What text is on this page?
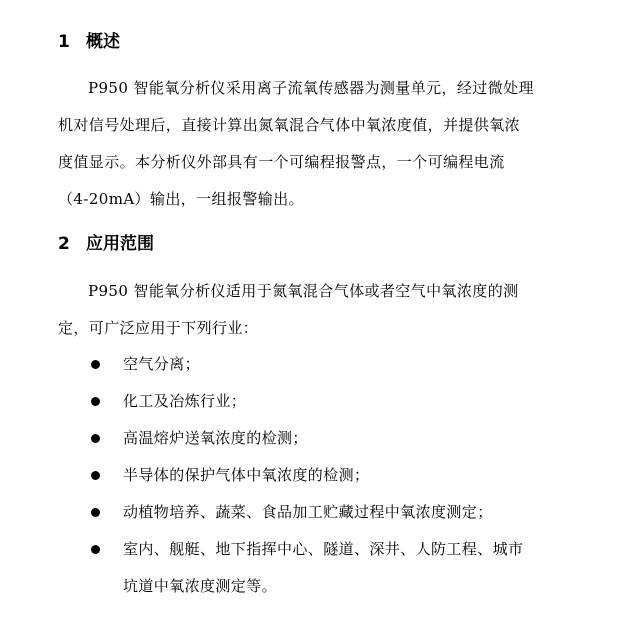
1 概述
P950 智能氧分析仪采用离子流氧传感器为测量单元，经过微处理
机对信号处理后，直接计算出氮氧混合气体中氧浓度值，并提供氧浓
度值显示。本分析仪外部具有一个可编程报警点，一个可编程电流
（4-20mA）输出，一组报警输出。
2 应用范围
P950 智能氧分析仪适用于氮氧混合气体或者空气中氧浓度的测
定，可广泛应用于下列行业：
空气分离；
化工及冶炼行业；
高温熔炉送氧浓度的检测；
半导体的保护气体中氧浓度的检测；
动植物培养、蔬菜、食品加工贮藏过程中氧浓度测定；
室内、舰艇、地下指挥中心、隧道、深井、人防工程、城市
坑道中氧浓度测定等。
